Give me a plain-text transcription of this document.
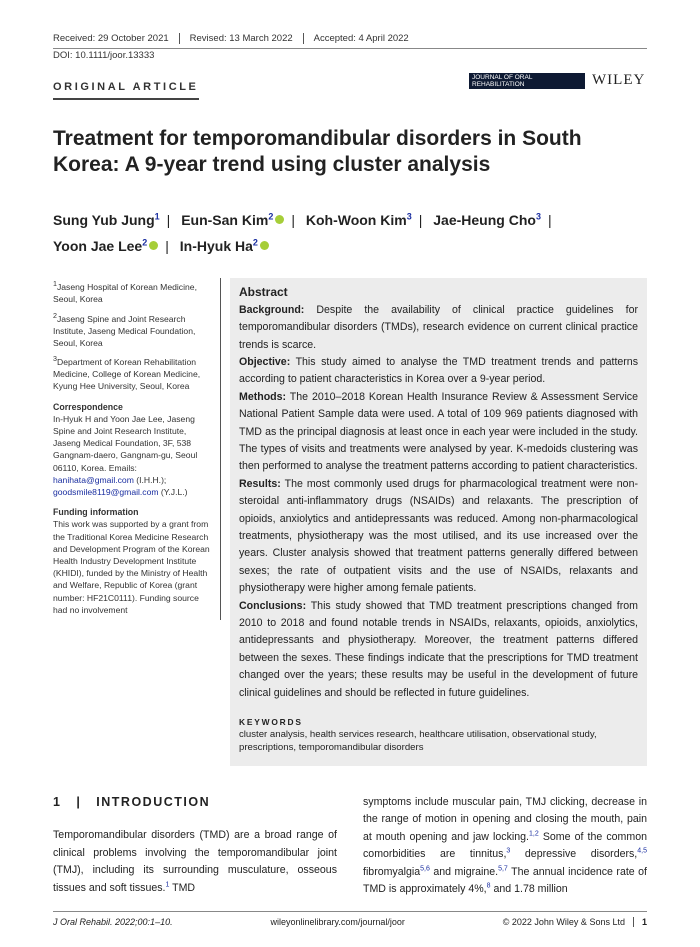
Received: 29 October 2021	Revised: 13 March 2022	Accepted: 4 April 2022
DOI: 10.1111/joor.13333
ORIGINAL ARTICLE
JOURNAL OF ORAL REHABILITATION	WILEY
Treatment for temporomandibular disorders in South Korea: A 9-year trend using cluster analysis
Sung Yub Jung$^1$ | Eun-San Kim$^2$ | Koh-Woon Kim$^3$ | Jae-Heung Cho$^3$ |
Yoon Jae Lee$^2$ | In-Hyuk Ha$^2$

$^1$Jaseng Hospital of Korean Medicine, Seoul, Korea

$^2$Jaseng Spine and Joint Research Institute, Jaseng Medical Foundation, Seoul, Korea

$^3$Department of Korean Rehabilitation Medicine, College of Korean Medicine, Kyung Hee University, Seoul, Korea

Correspondence

In-Hyuk H and Yoon Jae Lee, Jaseng Spine and Joint Research Institute, Jaseng Medical Foundation, 3F, 538 Gangnam-daero, Gangnam-gu, Seoul 06110, Korea. Emails: hanihata@gmail.com (I.H.H.); goodsmile8119@gmail.com (Y.J.L.)

Funding information

This work was supported by a grant from the Traditional Korea Medicine Research and Development Program of the Korean Health Industry Development Institute (KHIDI), funded by the Ministry of Health and Welfare, Republic of Korea (grant number: HF21C0111). Funding source had no involvement

Abstract

Background: Despite the availability of clinical practice guidelines for temporomandibular disorders (TMDs), research evidence on current clinical practice trends is scarce.

Objective: This study aimed to analyse the TMD treatment trends and patterns according to patient characteristics in Korea over a 9-year period.

Methods: The 2010–2018 Korean Health Insurance Review & Assessment Service National Patient Sample data were used. A total of 109 969 patients diagnosed with TMD as the principal diagnosis at least once in each year were included in the study. The types of visits and treatments were analysed by year. K-medoids clustering was then performed to analyse the treatment patterns according to patient characteristics.

Results: The most commonly used drugs for pharmacological treatment were non-steroidal anti-inflammatory drugs (NSAIDs) and relaxants. The prescription of opioids, anxiolytics and antidepressants was reduced. Among non-pharmacological treatments, physiotherapy was the most utilised, and its use increased over the years. Cluster analysis showed that treatment patterns generally differed between sexes; the rate of outpatient visits and the use of NSAIDs, relaxants and physiotherapy were higher among female patients.

Conclusions: This study showed that TMD treatment prescriptions changed from 2010 to 2018 and found notable trends in NSAIDs, relaxants, opioids, anxiolytics, antidepressants and physiotherapy. Moreover, the treatment patterns differed between the sexes. These findings indicate that the prescriptions for TMD treatment changed over the years; these results may be useful in the development of future clinical guidelines and should be reflected in future guidelines.

KEYWORDS
cluster analysis, health services research, healthcare utilisation, observational study, prescriptions, temporomandibular disorders
1   |   INTRODUCTION

Temporomandibular disorders (TMD) are a broad range of clinical problems involving the temporomandibular joint (TMJ), including its surrounding musculature, osseous tissues and soft tissues.$^1$ TMD

symptoms include muscular pain, TMJ clicking, decrease in the range of motion in opening and closing the mouth, pain at mouth opening and jaw locking.$^{1,2}$ Some of the common comorbidities are tinnitus,$^3$ depressive disorders,$^{4,5}$ fibromyalgia$^{5,6}$ and migraine.$^{5,7}$ The annual incidence rate of TMD is approximately 4%,$^8$ and 1.78 million

J Oral Rehabil. 2022;00:1–10.	wileyonlinelibrary.com/journal/joor	© 2022 John Wiley & Sons Ltd 1
